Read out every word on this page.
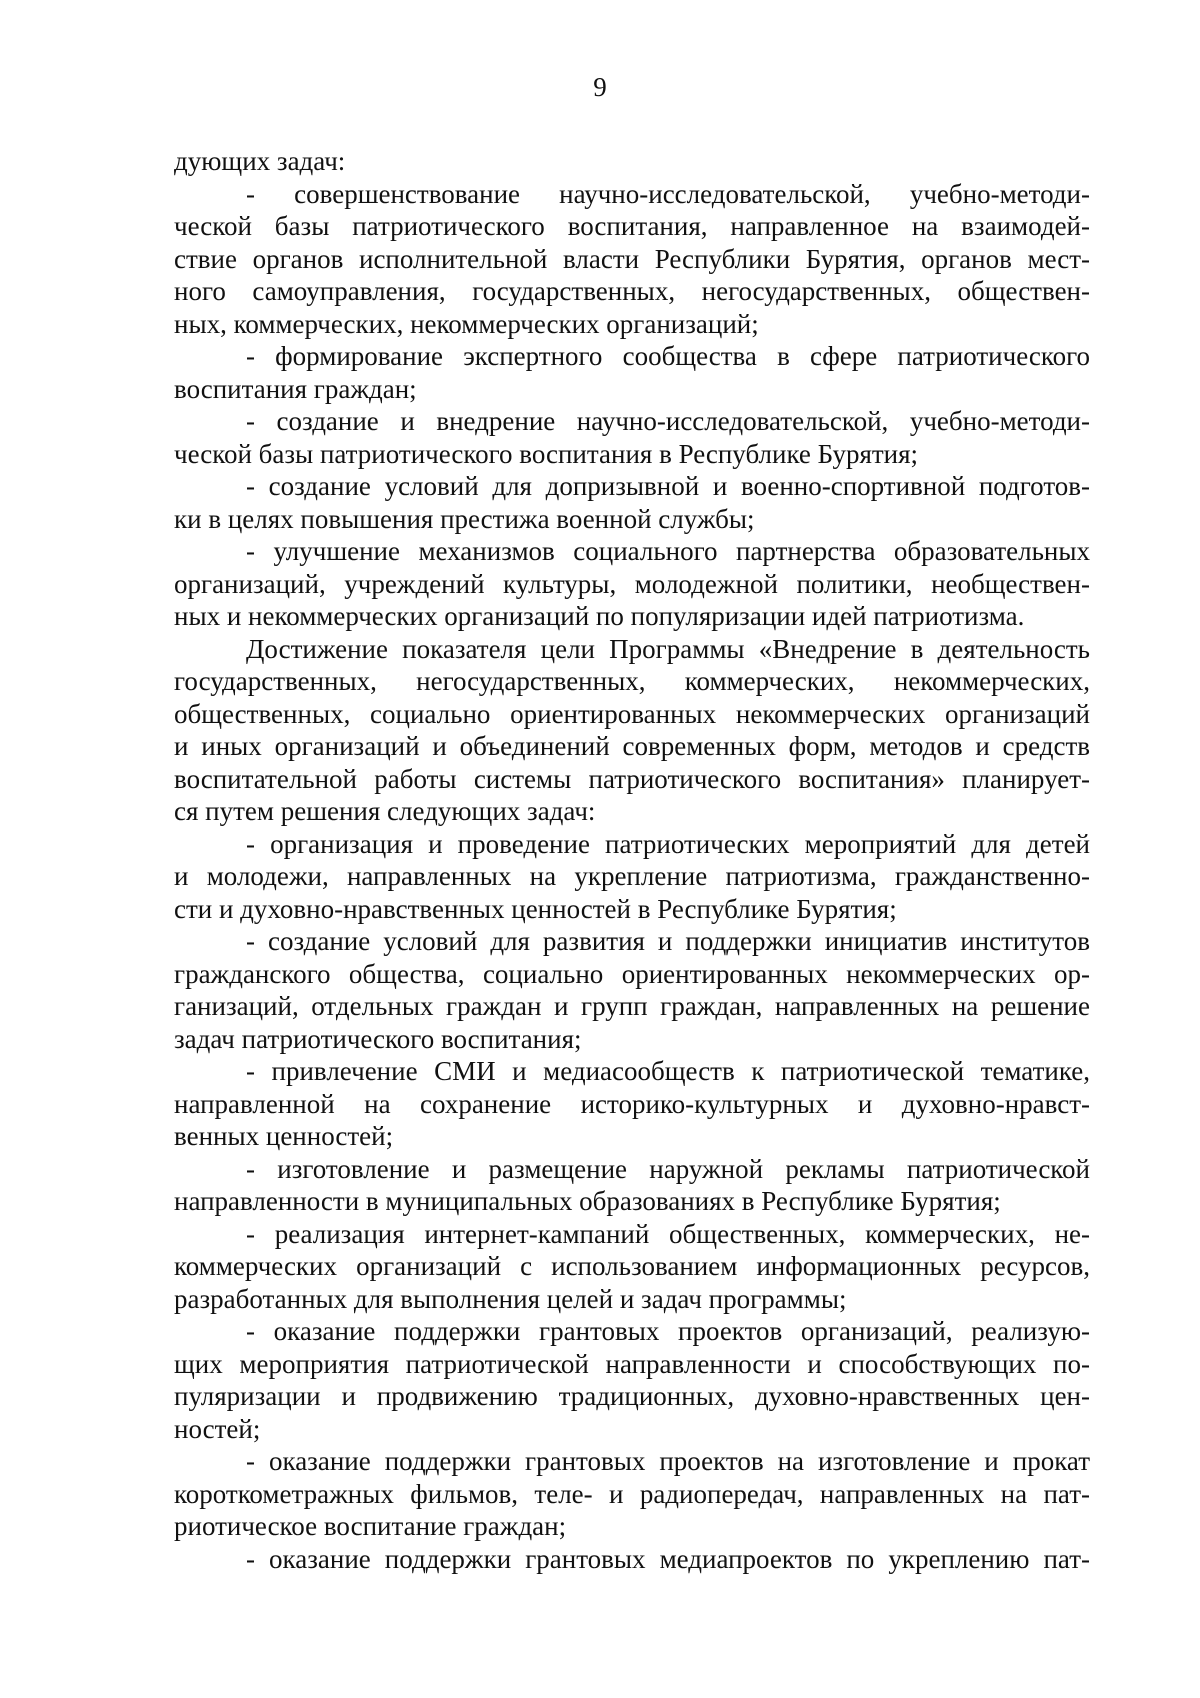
9
дующих задач:
- совершенствование научно-исследовательской, учебно-методи-
ческой базы патриотического воспитания, направленное на взаимодей-
ствие органов исполнительной власти Республики Бурятия, органов мест-
ного самоуправления, государственных, негосударственных, обществен-
ных, коммерческих, некоммерческих организаций;
- формирование экспертного сообщества в сфере патриотического
воспитания граждан;
- создание и внедрение научно-исследовательской, учебно-методи-
ческой базы патриотического воспитания в Республике Бурятия;
- создание условий для допризывной и военно-спортивной подготов-
ки в целях повышения престижа военной службы;
- улучшение механизмов социального партнерства образовательных
организаций, учреждений культуры, молодежной политики, необществен-
ных и некоммерческих организаций по популяризации идей патриотизма.
Достижение показателя цели Программы «Внедрение в деятельность
государственных, негосударственных, коммерческих, некоммерческих,
общественных, социально ориентированных некоммерческих организаций
и иных организаций и объединений современных форм, методов и средств
воспитательной работы системы патриотического воспитания» планирует-
ся путем решения следующих задач:
- организация и проведение патриотических мероприятий для детей
и молодежи, направленных на укрепление патриотизма, гражданственно-
сти и духовно-нравственных ценностей в Республике Бурятия;
- создание условий для развития и поддержки инициатив институтов
гражданского общества, социально ориентированных некоммерческих ор-
ганизаций, отдельных граждан и групп граждан, направленных на решение
задач патриотического воспитания;
- привлечение СМИ и медиасообществ к патриотической тематике,
направленной на сохранение историко-культурных и духовно-нравст-
венных ценностей;
- изготовление и размещение наружной рекламы патриотической
направленности в муниципальных образованиях в Республике Бурятия;
- реализация интернет-кампаний общественных, коммерческих, не-
коммерческих организаций с использованием информационных ресурсов,
разработанных для выполнения целей и задач программы;
- оказание поддержки грантовых проектов организаций, реализую-
щих мероприятия патриотической направленности и способствующих по-
пуляризации и продвижению традиционных, духовно-нравственных цен-
ностей;
- оказание поддержки грантовых проектов на изготовление и прокат
короткометражных фильмов, теле- и радиопередач, направленных на пат-
риотическое воспитание граждан;
- оказание поддержки грантовых медиапроектов по укреплению пат-
